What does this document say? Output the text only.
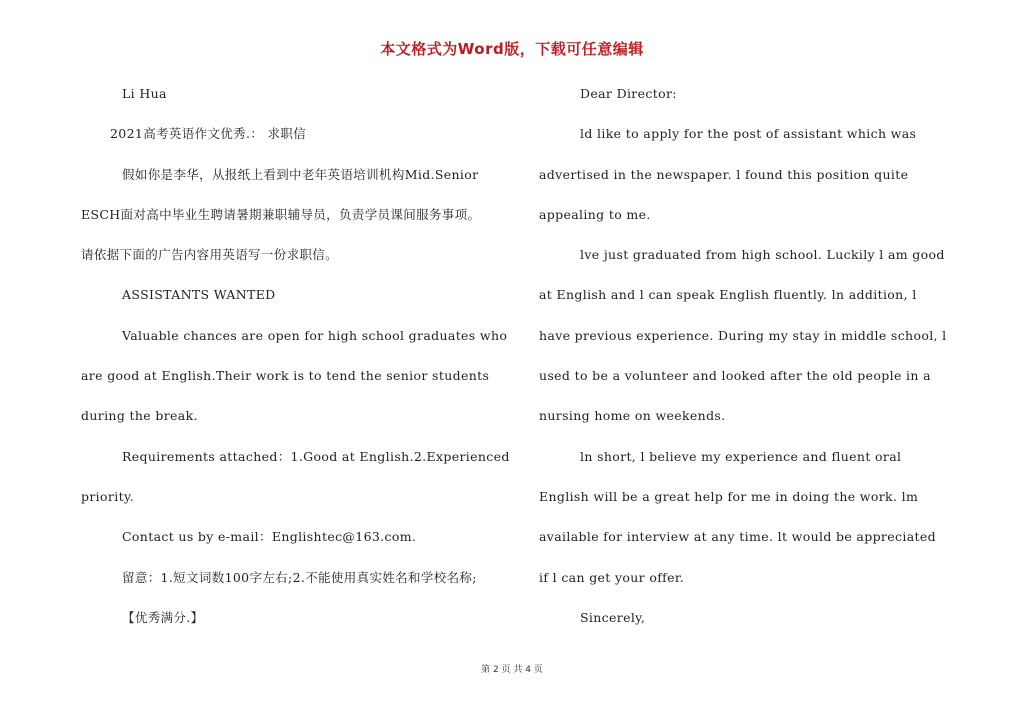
本文格式为Word版，下载可任意编辑
Li Hua
2021高考英语作文优秀.： 求职信
假如你是李华，从报纸上看到中老年英语培训机构Mid.Senior
ESCH面对高中毕业生聘请暑期兼职辅导员，负责学员课间服务事项。
请依据下面的广告内容用英语写一份求职信。
ASSISTANTS WANTED
Valuable chances are open for high school graduates who
are good at English.Their work is to tend the senior students
during the break.
Requirements attached：1.Good at English.2.Experienced
priority.
Contact us by e-mail：Englishtec@163.com.
留意：1.短文词数100字左右;2.不能使用真实姓名和学校名称;
【优秀满分.】
Dear Director:
ld like to apply for the post of assistant which was
advertised in the newspaper. l found this position quite
appealing to me.
lve just graduated from high school. Luckily l am good
at English and l can speak English fluently. ln addition, l
have previous experience. During my stay in middle school, l
used to be a volunteer and looked after the old people in a
nursing home on weekends.
ln short, l believe my experience and fluent oral
English will be a great help for me in doing the work. lm
available for interview at any time. lt would be appreciated
if l can get your offer.
Sincerely,
第 2 页 共 4 页
